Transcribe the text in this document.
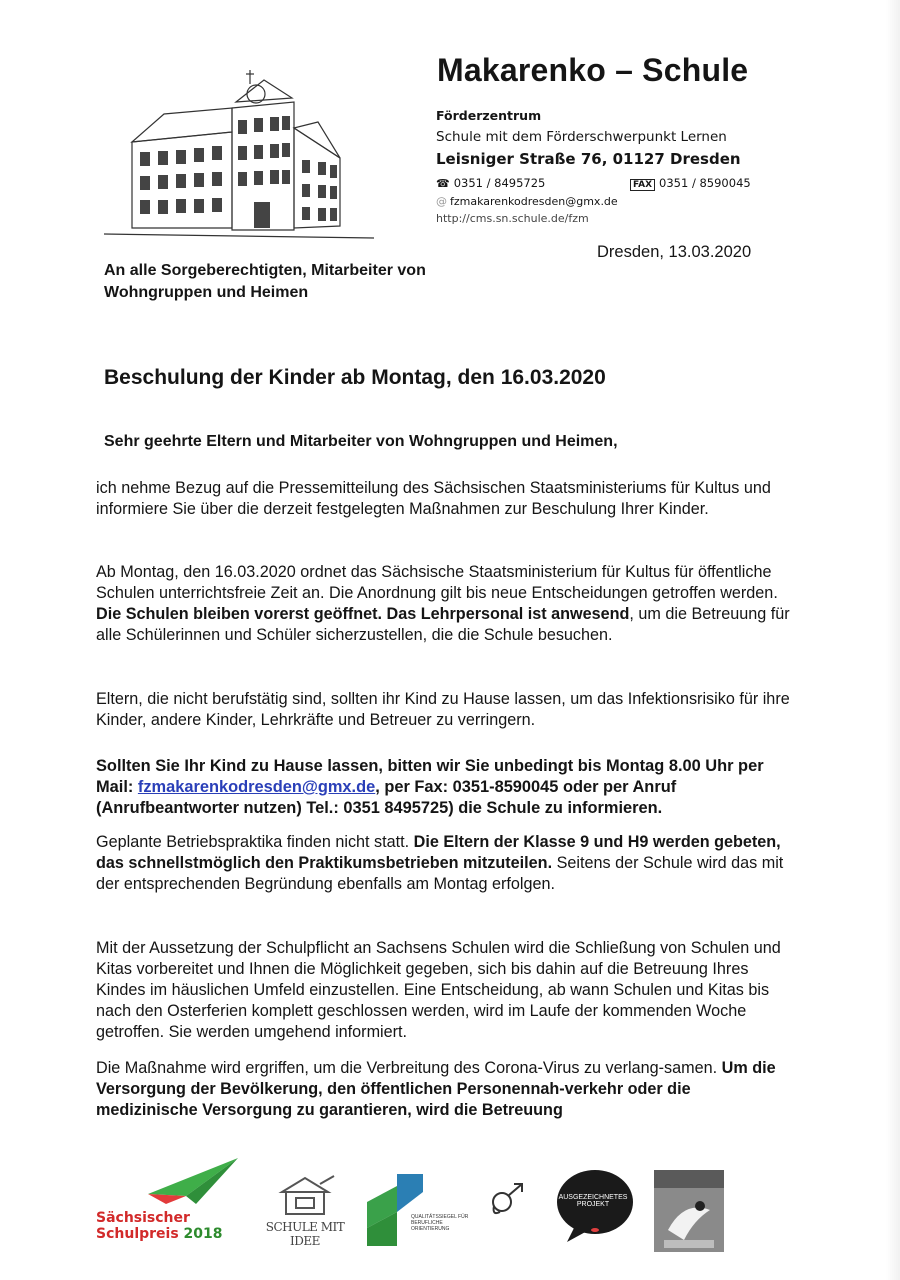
Makarenko – Schule
Förderzentrum
Schule mit dem Förderschwerpunkt Lernen
Leisniger Straße 76, 01127 Dresden
☎ 0351 / 8495725	FAX 0351 / 8590045
@ fzmakarenkodresden@gmx.de
http://cms.sn.schule.de/fzm
Dresden, 13.03.2020
An alle Sorgeberechtigten, Mitarbeiter von Wohngruppen und Heimen
Beschulung der Kinder ab Montag, den 16.03.2020
Sehr geehrte Eltern und Mitarbeiter von Wohngruppen und Heimen,
ich nehme Bezug auf die Pressemitteilung des Sächsischen Staatsministeriums für Kultus und informiere Sie über die derzeit festgelegten Maßnahmen zur Beschulung Ihrer Kinder.
Ab Montag, den 16.03.2020 ordnet das Sächsische Staatsministerium für Kultus für öffentliche Schulen unterrichtsfreie Zeit an. Die Anordnung gilt bis neue Entscheidungen getroffen werden. Die Schulen bleiben vorerst geöffnet. Das Lehrpersonal ist anwesend, um die Betreuung für alle Schülerinnen und Schüler sicherzustellen, die die Schule besuchen.
Eltern, die nicht berufstätig sind, sollten ihr Kind zu Hause lassen, um das Infektionsrisiko für ihre Kinder, andere Kinder, Lehrkräfte und Betreuer zu verringern.
Sollten Sie Ihr Kind zu Hause lassen, bitten wir Sie unbedingt bis Montag 8.00 Uhr per Mail: fzmakarenkodresden@gmx.de, per Fax: 0351-8590045 oder per Anruf (Anrufbeantworter nutzen) Tel.: 0351 8495725) die Schule zu informieren.
Geplante Betriebspraktika finden nicht statt. Die Eltern der Klasse 9 und H9 werden gebeten, das schnellstmöglich den Praktikumsbetrieben mitzuteilen. Seitens der Schule wird das mit der entsprechenden Begründung ebenfalls am Montag erfolgen.
Mit der Aussetzung der Schulpflicht an Sachsens Schulen wird die Schließung von Schulen und Kitas vorbereitet und Ihnen die Möglichkeit gegeben, sich bis dahin auf die Betreuung Ihres Kindes im häuslichen Umfeld einzustellen. Eine Entscheidung, ab wann Schulen und Kitas bis nach den Osterferien komplett geschlossen werden, wird im Laufe der kommenden Woche getroffen. Sie werden umgehend informiert.
Die Maßnahme wird ergriffen, um die Verbreitung des Corona-Virus zu verlang-samen. Um die Versorgung der Bevölkerung, den öffentlichen Personennah-verkehr oder die medizinische Versorgung zu garantieren, wird die Betreuung
Sächsischer
Schulpreis 2018	SCHULE MIT IDEE
QUALITÄTSSIEGEL FÜR BERUFLICHE ORIENTIERUNG
AUSGEZEICHNETES PROJEKT
